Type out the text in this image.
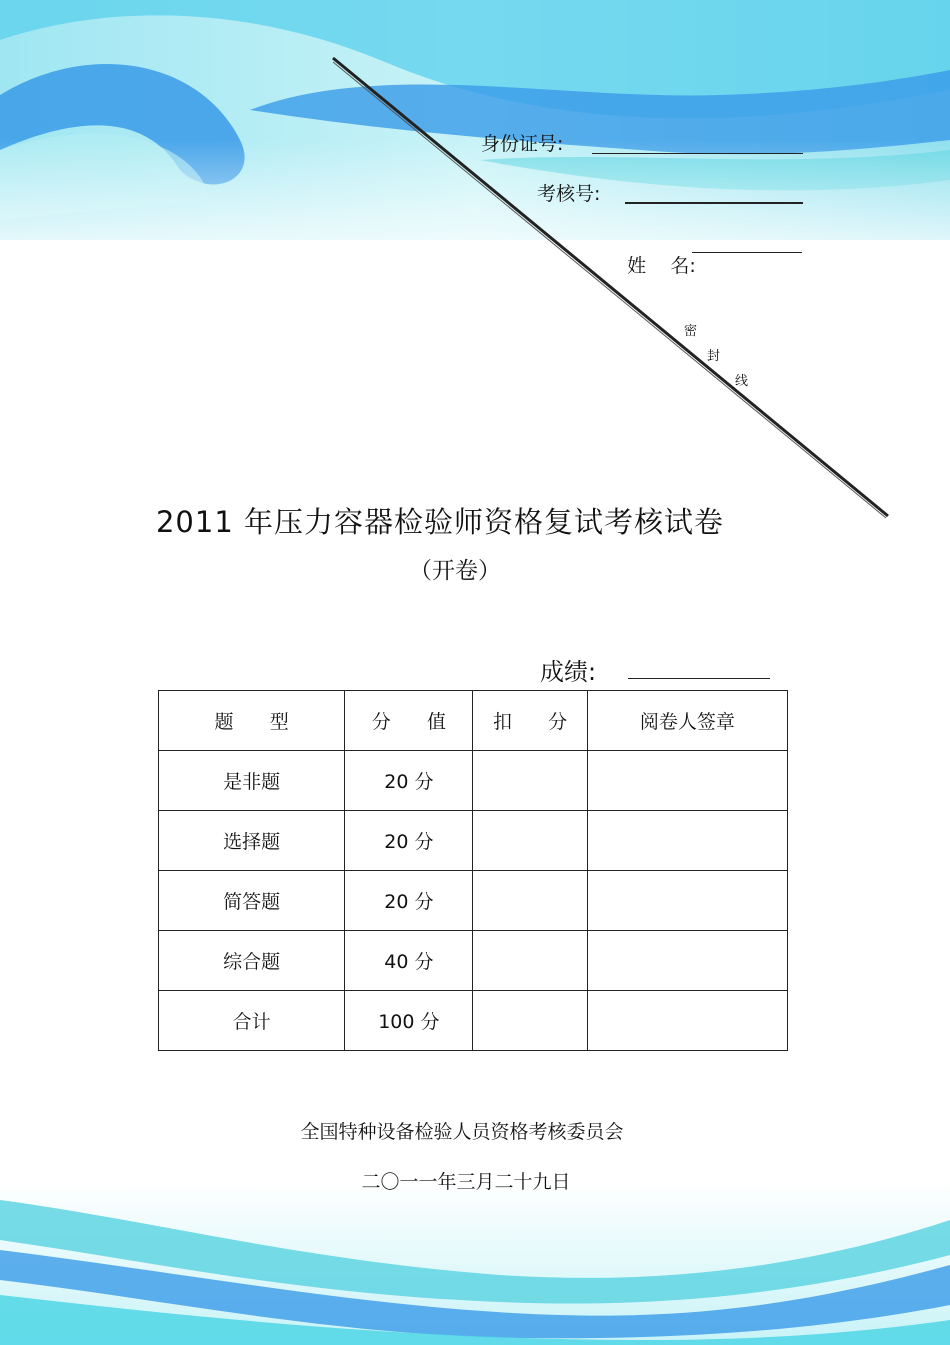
身份证号:
考核号:

姓    名:

密
封
线
2011 年压力容器检验师资格复试考核试卷
（开卷）
成绩:
题      型	分      值	扣      分	阅卷人签章
是非题	20 分		
选择题	20 分		
简答题	20 分		
综合题	40 分		
合计	100 分		
全国特种设备检验人员资格考核委员会
二〇一一年三月二十九日
